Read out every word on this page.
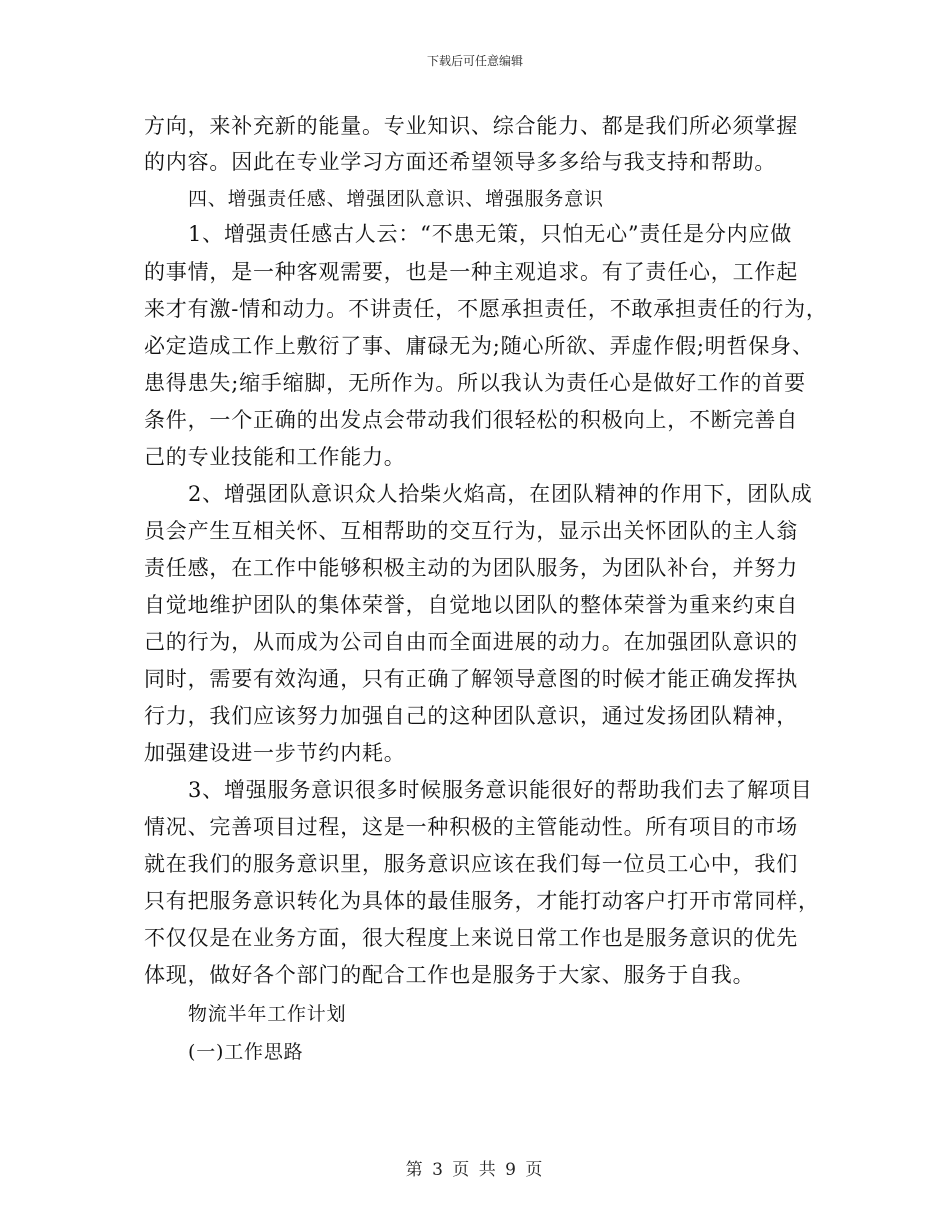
下载后可任意编辑
方向，来补充新的能量。专业知识、综合能力、都是我们所必须掌握
的内容。因此在专业学习方面还希望领导多多给与我支持和帮助。
四、增强责任感、增强团队意识、增强服务意识
1、增强责任感古人云：“不患无策，只怕无心”责任是分内应做
的事情，是一种客观需要，也是一种主观追求。有了责任心，工作起
来才有激-情和动力。不讲责任，不愿承担责任，不敢承担责任的行为，
必定造成工作上敷衍了事、庸碌无为;随心所欲、弄虚作假;明哲保身、
患得患失;缩手缩脚，无所作为。所以我认为责任心是做好工作的首要
条件，一个正确的出发点会带动我们很轻松的积极向上，不断完善自
己的专业技能和工作能力。
2、增强团队意识众人拾柴火焰高，在团队精神的作用下，团队成
员会产生互相关怀、互相帮助的交互行为，显示出关怀团队的主人翁
责任感，在工作中能够积极主动的为团队服务，为团队补台，并努力
自觉地维护团队的集体荣誉，自觉地以团队的整体荣誉为重来约束自
己的行为，从而成为公司自由而全面进展的动力。在加强团队意识的
同时，需要有效沟通，只有正确了解领导意图的时候才能正确发挥执
行力，我们应该努力加强自己的这种团队意识，通过发扬团队精神，
加强建设进一步节约内耗。
3、增强服务意识很多时候服务意识能很好的帮助我们去了解项目
情况、完善项目过程，这是一种积极的主管能动性。所有项目的市场
就在我们的服务意识里，服务意识应该在我们每一位员工心中，我们
只有把服务意识转化为具体的最佳服务，才能打动客户打开市常同样，
不仅仅是在业务方面，很大程度上来说日常工作也是服务意识的优先
体现，做好各个部门的配合工作也是服务于大家、服务于自我。
物流半年工作计划
(一)工作思路
第 3 页 共 9 页
